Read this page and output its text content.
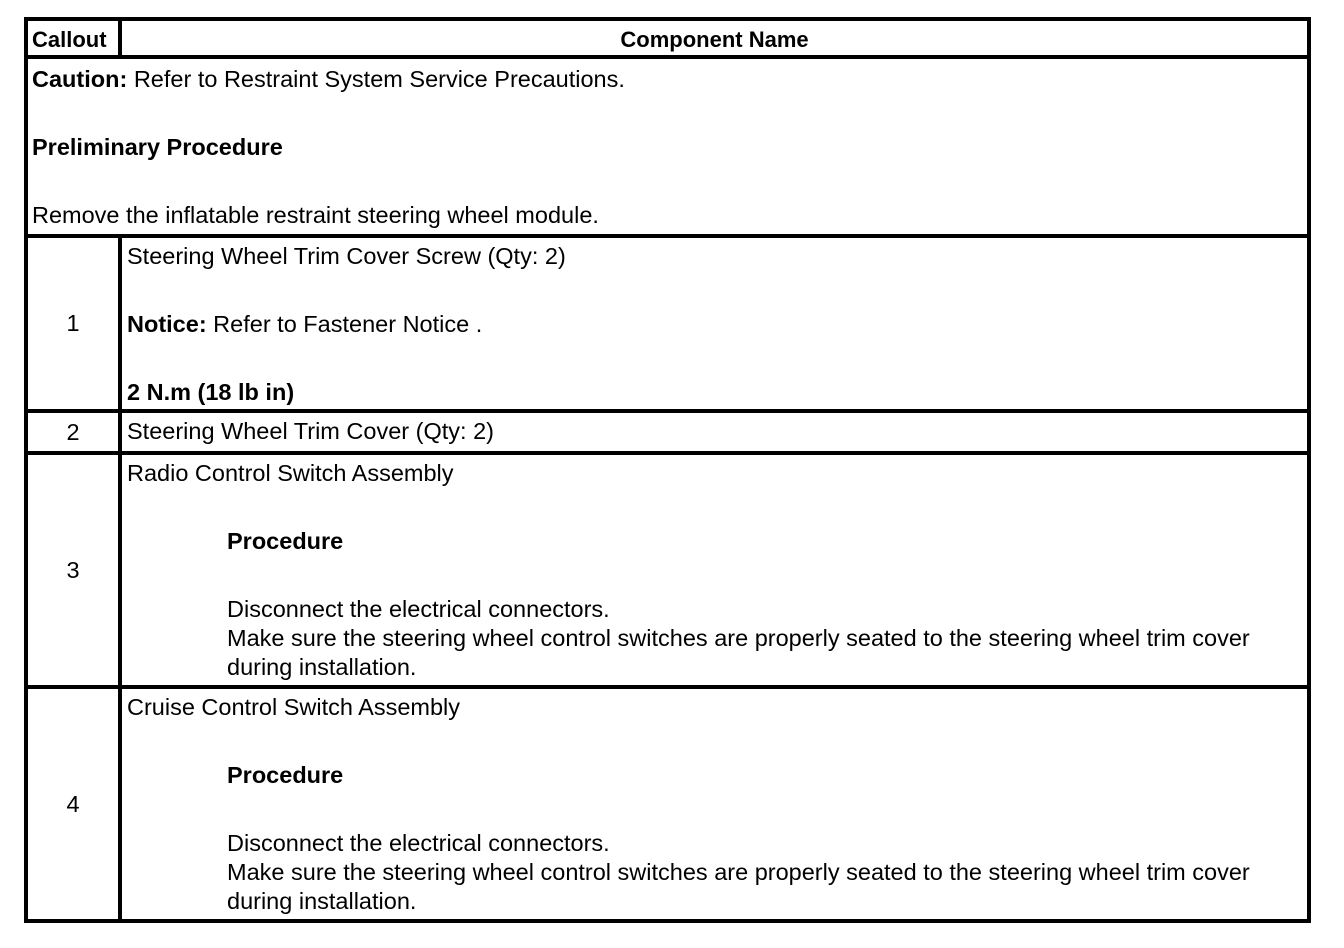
Callout	Component Name

Caution: Refer to Restraint System Service Precautions.

Preliminary Procedure

Remove the inflatable restraint steering wheel module.	

1	Steering Wheel Trim Cover Screw (Qty: 2)

Notice: Refer to Fastener Notice .

2 N.m (18 lb in)

2	Steering Wheel Trim Cover (Qty: 2)

3	Radio Control Switch Assembly

Procedure

Disconnect the electrical connectors.

Make sure the steering wheel control switches are properly seated to the steering wheel trim cover during installation.

4	Cruise Control Switch Assembly

Procedure

Disconnect the electrical connectors.

Make sure the steering wheel control switches are properly seated to the steering wheel trim cover during installation.
